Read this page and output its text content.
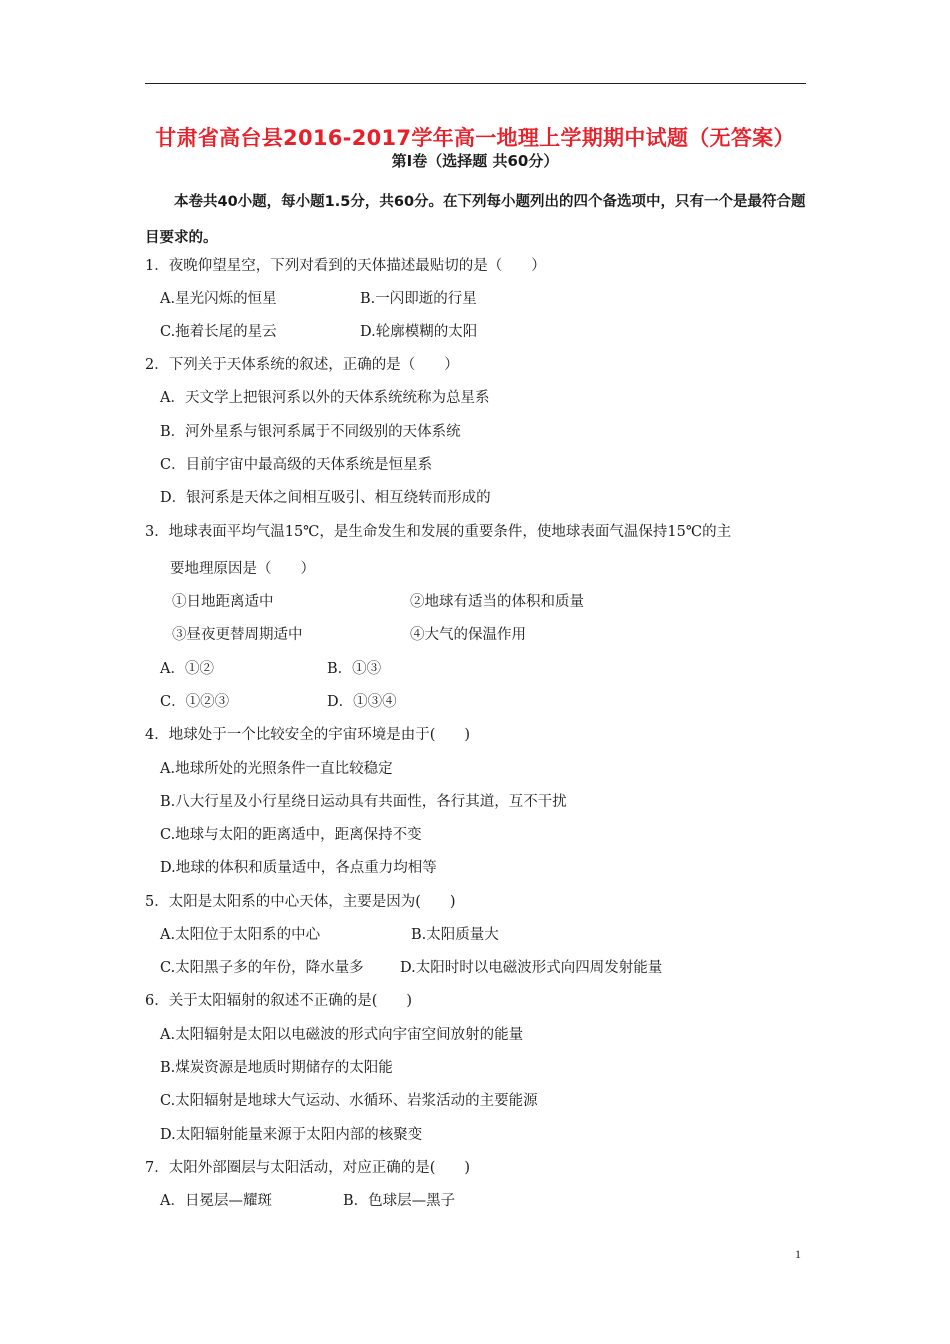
甘肃省高台县2016-2017学年高一地理上学期期中试题（无答案）
第Ⅰ卷（选择题 共60分）
本卷共40小题，每小题1.5分，共60分。在下列每小题列出的四个备选项中，只有一个是最符合题目要求的。
1．夜晚仰望星空，下列对看到的天体描述最贴切的是（　　）
A.星光闪烁的恒星	B.一闪即逝的行星
C.拖着长尾的星云	D.轮廓模糊的太阳
2．下列关于天体系统的叙述，正确的是（　　）
A．天文学上把银河系以外的天体系统统称为总星系
B．河外星系与银河系属于不同级别的天体系统
C．目前宇宙中最高级的天体系统是恒星系
D．银河系是天体之间相互吸引、相互绕转而形成的
3．地球表面平均气温15℃，是生命发生和发展的重要条件，使地球表面气温保持15℃的主
要地理原因是（　　）
①日地距离适中	②地球有适当的体积和质量
③昼夜更替周期适中	④大气的保温作用
A．①②	B．①③
C．①②③	D．①③④
4．地球处于一个比较安全的宇宙环境是由于(　　)
A.地球所处的光照条件一直比较稳定
B.八大行星及小行星绕日运动具有共面性，各行其道，互不干扰
C.地球与太阳的距离适中，距离保持不变
D.地球的体积和质量适中，各点重力均相等
5．太阳是太阳系的中心天体，主要是因为(　　)
A.太阳位于太阳系的中心	B.太阳质量大
C.太阳黑子多的年份，降水量多	D.太阳时时以电磁波形式向四周发射能量
6．关于太阳辐射的叙述不正确的是(　　)
A.太阳辐射是太阳以电磁波的形式向宇宙空间放射的能量
B.煤炭资源是地质时期储存的太阳能
C.太阳辐射是地球大气运动、水循环、岩浆活动的主要能源
D.太阳辐射能量来源于太阳内部的核聚变
7．太阳外部圈层与太阳活动，对应正确的是(　　)
A．日冕层—耀斑	B．色球层—黑子
1
